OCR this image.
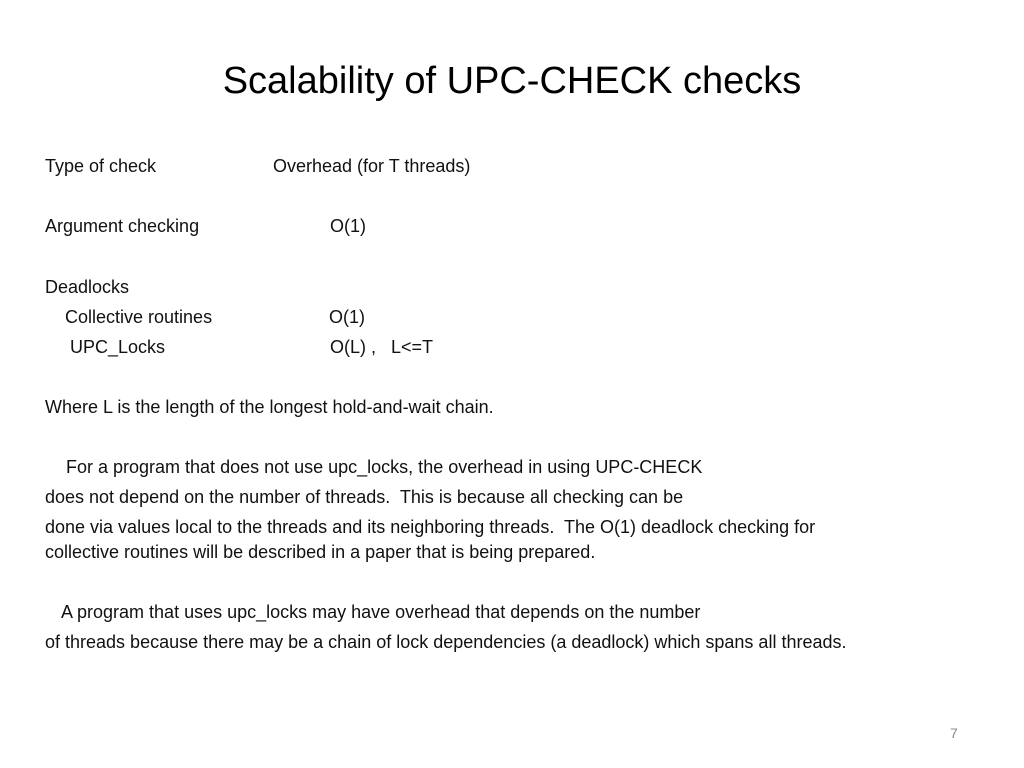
Scalability of UPC-CHECK checks
Type of check	Overhead (for T threads)
Argument checking	O(1)
Deadlocks
Collective routines	O(1)
UPC_Locks	O(L) ,   L<=T
Where L is the length of the longest hold-and-wait chain.
For a program that does not use upc_locks, the overhead in using UPC-CHECK
does not depend on the number of threads.  This is because all checking can be
done via values local to the threads and its neighboring threads.  The O(1) deadlock checking for
collective routines will be described in a paper that is being prepared.
A program that uses upc_locks may have overhead that depends on the number
of threads because there may be a chain of lock dependencies (a deadlock) which spans all threads.
7
